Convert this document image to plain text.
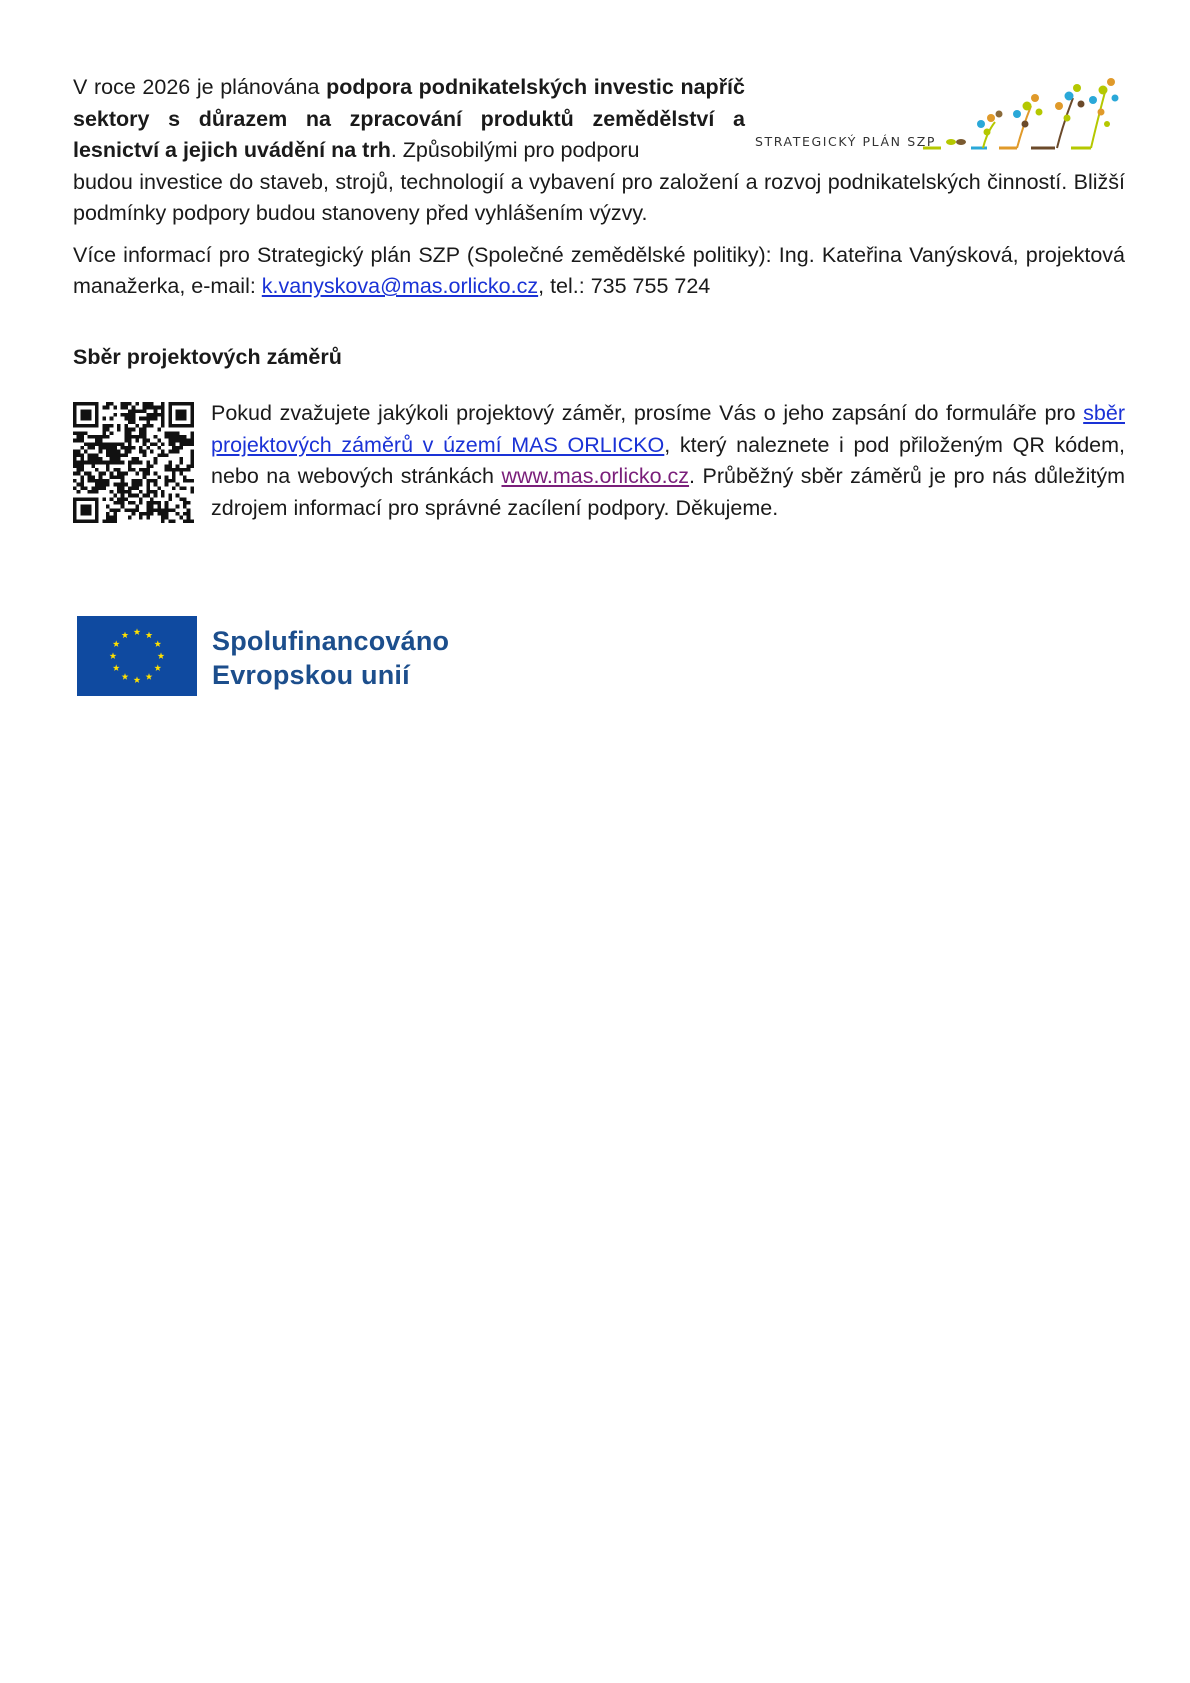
STRATEGICKÝ PLÁN SZP

V roce 2026 je plánována podpora podnikatelských investic napříč sektory s důrazem na zpracování produktů zemědělství a lesnictví a jejich uvádění na trh. Způsobilými pro podporu

budou investice do staveb, strojů, technologií a vybavení pro založení a rozvoj podnikatelských činností. Bližší podmínky podpory budou stanoveny před vyhlášením výzvy.

Více informací pro Strategický plán SZP (Společné zemědělské politiky): Ing. Kateřina Vanýsková, projektová manažerka, e-mail: k.vanyskova@mas.orlicko.cz, tel.: 735 755 724

Sběr projektových záměrů

Pokud zvažujete jakýkoli projektový záměr, prosíme Vás o jeho zapsání do formuláře pro sběr projektových záměrů v území MAS ORLICKO, který naleznete i pod přiloženým QR kódem, nebo na webových stránkách www.mas.orlicko.cz. Průběžný sběr záměrů je pro nás důležitým zdrojem informací pro správné zacílení podpory. Děkujeme.

Spolufinancováno
Evropskou unií
